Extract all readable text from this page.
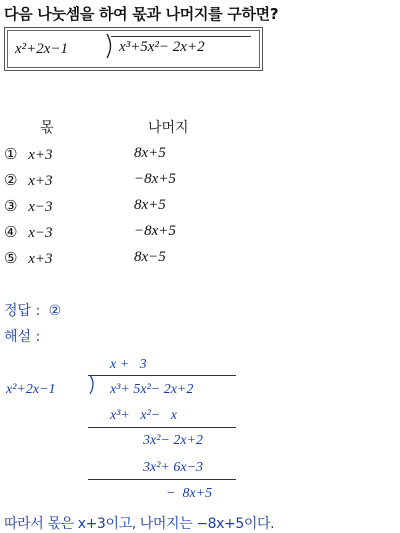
다음 나눗셈을 하여 몫과 나머지를 구하면?
x²+2x−1	x³+5x²− 2x+2
몫	나머지
① x+3	8x+5
② x+3	−8x+5
③ x−3	8x+5
④ x−3	−8x+5
⑤ x+3	8x−5
정답 : ②
해설 :
x +   3
x²+2x−1	x³+ 5x²− 2x+2
x³+   x²−   x
3x²− 2x+2
3x²+ 6x−3
−  8x+5
따라서 몫은 x+3이고, 나머지는 −8x+5이다.
